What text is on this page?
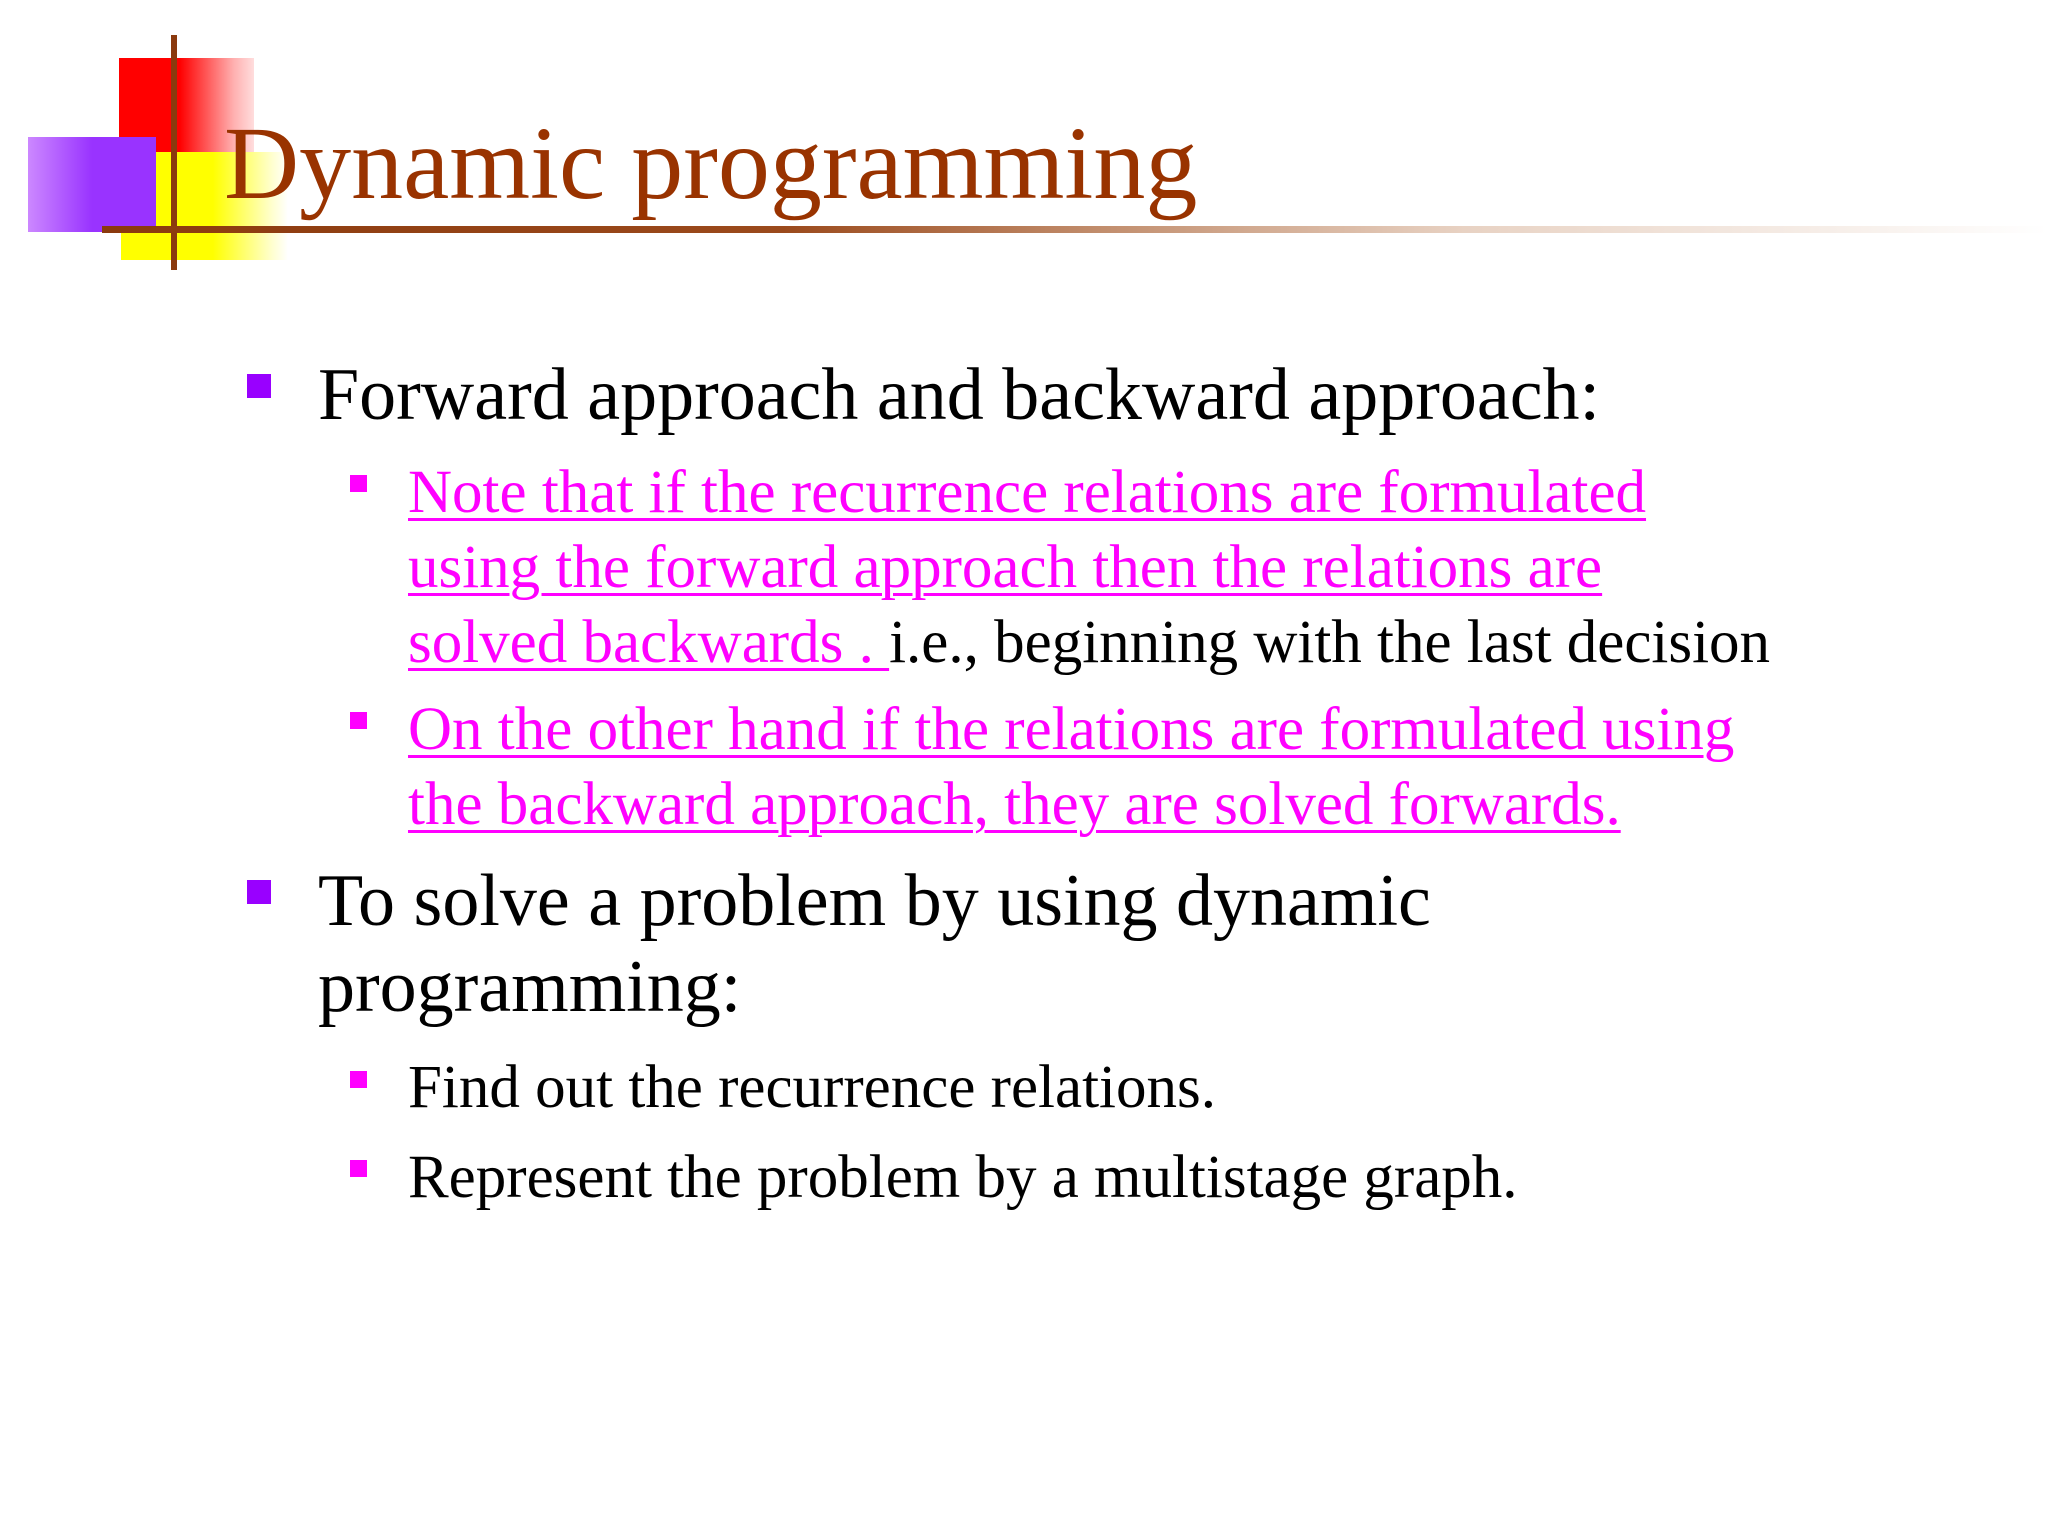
Dynamic programming

Forward approach and backward approach:

Note that if the recurrence relations are formulated

using the forward approach then the relations are

solved backwards . i.e., beginning with the last decision

On the other hand if the relations are formulated using

the backward approach, they are solved forwards.

To solve a problem by using dynamic

programming:

Find out the recurrence relations.

Represent the problem by a multistage graph.
